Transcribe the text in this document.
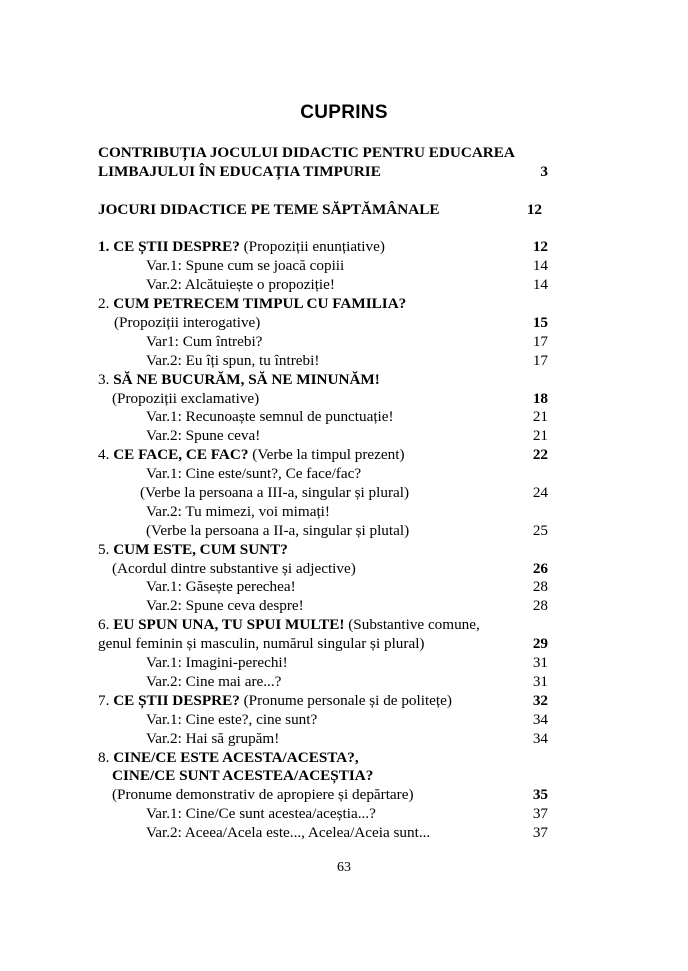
CUPRINS
CONTRIBUȚIA JOCULUI DIDACTIC PENTRU EDUCAREA
LIMBAJULUI ÎN EDUCAȚIA TIMPURIE	3
JOCURI DIDACTICE PE TEME SĂPTĂMÂNALE	12
1. CE ȘTII DESPRE? (Propoziții enunțiative)	12
Var.1: Spune cum se joacă copiii	14
Var.2: Alcătuiește o propoziție!	14
2. CUM PETRECEM TIMPUL CU FAMILIA?
(Propoziții interogative)	15
Var1: Cum întrebi?	17
Var.2: Eu îți spun, tu întrebi!	17
3. SĂ NE BUCURĂM, SĂ NE MINUNĂM!
(Propoziții exclamative)	18
Var.1: Recunoaște semnul de punctuație!	21
Var.2: Spune ceva!	21
4. CE FACE, CE FAC? (Verbe la timpul prezent)	22
Var.1: Cine este/sunt?, Ce face/fac?
(Verbe la persoana a III-a, singular și plural)	24
Var.2: Tu mimezi, voi mimați!
(Verbe la persoana a II-a, singular și plutal)	25
5. CUM ESTE, CUM SUNT?
(Acordul dintre substantive și adjective)	26
Var.1: Găsește perechea!	28
Var.2: Spune ceva despre!	28
6. EU SPUN UNA, TU SPUI MULTE! (Substantive comune,
genul feminin și masculin, numărul singular și plural)	29
Var.1: Imagini-perechi!	31
Var.2: Cine mai are...?	31
7. CE ȘTII DESPRE? (Pronume personale și de politețe)	32
Var.1: Cine este?, cine sunt?	34
Var.2: Hai să grupăm!	34
8. CINE/CE ESTE ACESTA/ACESTA?,
CINE/CE SUNT ACESTEA/ACEȘTIA?
(Pronume demonstrativ de apropiere și depărtare)	35
Var.1: Cine/Ce sunt acestea/aceștia...?	37
Var.2: Aceea/Acela este..., Acelea/Aceia sunt...	37
63
